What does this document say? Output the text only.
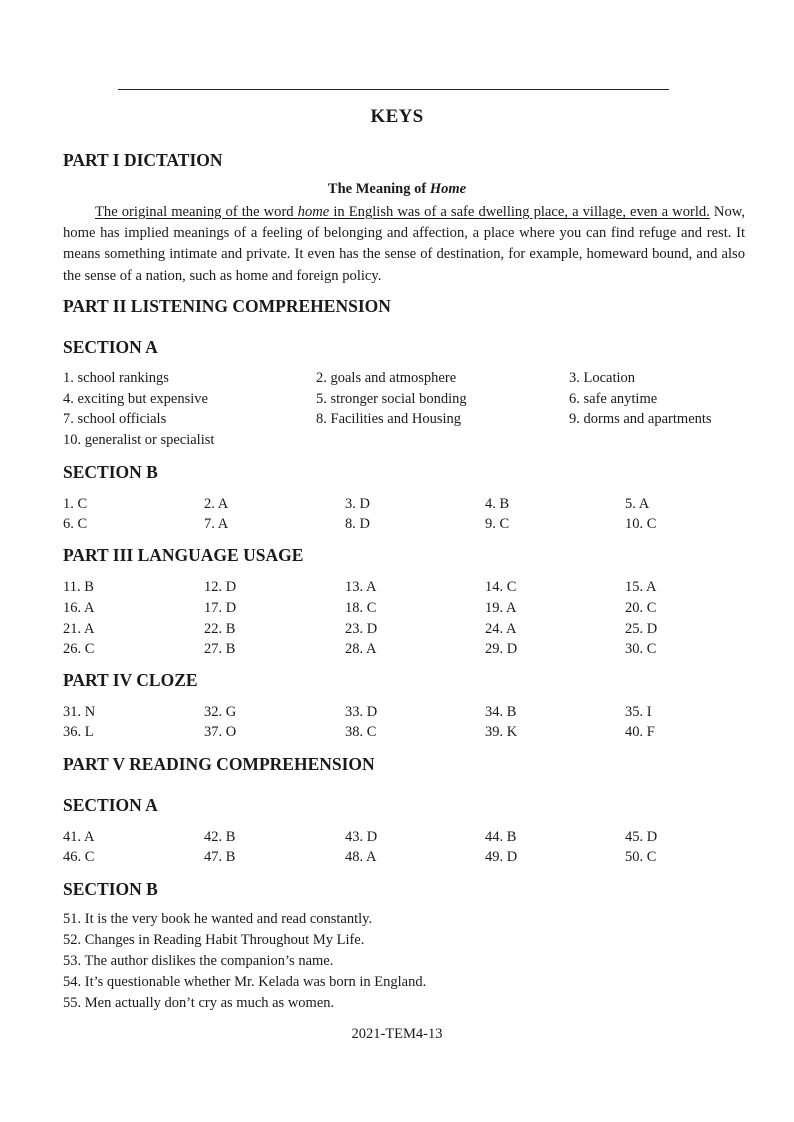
KEYS
PART I DICTATION
The Meaning of Home
The original meaning of the word home in English was of a safe dwelling place, a village, even a world. Now, home has implied meanings of a feeling of belonging and affection, a place where you can find refuge and rest. It means something intimate and private. It even has the sense of destination, for example, homeward bound, and also the sense of a nation, such as home and foreign policy.
PART II LISTENING COMPREHENSION
SECTION A
1. school rankings	2. goals and atmosphere	3. Location
4. exciting but expensive	5. stronger social bonding	6. safe anytime
7. school officials	8. Facilities and Housing	9. dorms and apartments
10. generalist or specialist
SECTION B
1. C	2. A	3. D	4. B	5. A
6. C	7. A	8. D	9. C	10. C
PART III LANGUAGE USAGE
11. B	12. D	13. A	14. C	15. A
16. A	17. D	18. C	19. A	20. C
21. A	22. B	23. D	24. A	25. D
26. C	27. B	28. A	29. D	30. C
PART IV CLOZE
31. N	32. G	33. D	34. B	35. I
36. L	37. O	38. C	39. K	40. F
PART V READING COMPREHENSION
SECTION A
41. A	42. B	43. D	44. B	45. D
46. C	47. B	48. A	49. D	50. C
SECTION B
51. It is the very book he wanted and read constantly.
52. Changes in Reading Habit Throughout My Life.
53. The author dislikes the companion’s name.
54. It’s questionable whether Mr. Kelada was born in England.
55. Men actually don’t cry as much as women.
2021-TEM4-13
